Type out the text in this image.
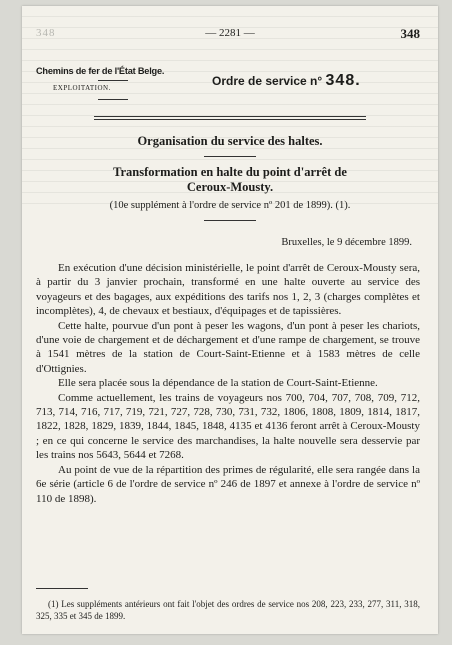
348	— 2281 —	348
Chemins de fer de l'État Belge.
EXPLOITATION.	Ordre de service n° 348.
Organisation du service des haltes.
Transformation en halte du point d'arrêt de
Ceroux-Mousty.
(10e supplément à l'ordre de service nº 201 de 1899). (1).
Bruxelles, le 9 décembre 1899.

En exécution d'une décision ministérielle, le point d'arrêt de Ceroux-Mousty sera, à partir du 3 janvier prochain, transformé en une halte ouverte au service des voyageurs et des bagages, aux expéditions des tarifs nos 1, 2, 3 (charges complètes et incomplètes), 4, de chevaux et bestiaux, d'équipages et de tapissières.

Cette halte, pourvue d'un pont à peser les wagons, d'un pont à peser les chariots, d'une voie de chargement et de déchargement et d'une rampe de chargement, se trouve à 1541 mètres de la station de Court-Saint-Etienne et à 1583 mètres de celle d'Ottignies.

Elle sera placée sous la dépendance de la station de Court-Saint-Etienne.

Comme actuellement, les trains de voyageurs nos 700, 704, 707, 708, 709, 712, 713, 714, 716, 717, 719, 721, 727, 728, 730, 731, 732, 1806, 1808, 1809, 1814, 1817, 1822, 1828, 1829, 1839, 1844, 1845, 1848, 4135 et 4136 feront arrêt à Ceroux-Mousty ; en ce qui concerne le service des marchandises, la halte nouvelle sera desservie par les trains nos 5643, 5644 et 7268.

Au point de vue de la répartition des primes de régularité, elle sera rangée dans la 6e série (article 6 de l'ordre de service nº 246 de 1897 et annexe à l'ordre de service nº 110 de 1898).

(1) Les suppléments antérieurs ont fait l'objet des ordres de service nos 208, 223, 233, 277, 311, 318, 325, 335 et 345 de 1899.
